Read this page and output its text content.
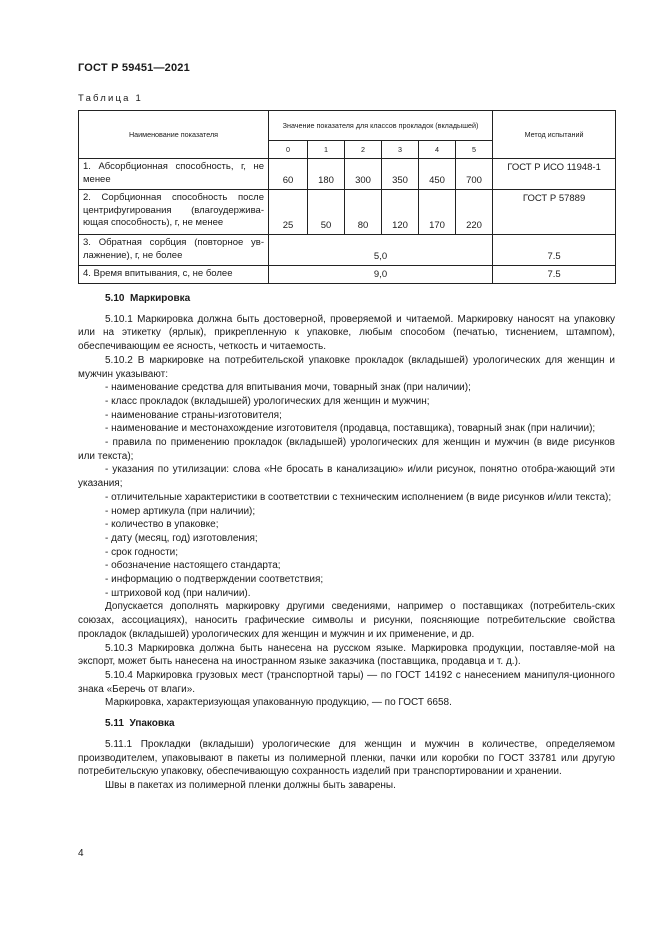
ГОСТ Р 59451—2021
Таблица 1
Наименование показателя	Значение показателя для классов прокладок (вкладышей)						Метод испытаний
	0	1	2	3	4	5	
1. Абсорбционная способность, г, не менее	60	180	300	350	450	700	ГОСТ Р ИСО 11948-1
2. Сорбционная способность после центрифугирования (влагоудержива-ющая способность), г, не менее	25	50	80	120	170	220	ГОСТ Р 57889
3. Обратная сорбция (повторное ув-лажнение), г, не более	5,0						7.5
4. Время впитывания, с, не более	9,0						7.5

5.10 Маркировка

5.10.1 Маркировка должна быть достоверной, проверяемой и читаемой. Маркировку наносят на упаковку или на этикетку (ярлык), прикрепленную к упаковке, любым способом (печатью, тиснением, штампом), обеспечивающим ее ясность, четкость и читаемость.

5.10.2 В маркировке на потребительской упаковке прокладок (вкладышей) урологических для женщин и мужчин указывают:

- наименование средства для впитывания мочи, товарный знак (при наличии);

- класс прокладок (вкладышей) урологических для женщин и мужчин;

- наименование страны-изготовителя;

- наименование и местонахождение изготовителя (продавца, поставщика), товарный знак (при наличии);

- правила по применению прокладок (вкладышей) урологических для женщин и мужчин (в виде рисунков или текста);

- указания по утилизации: слова «Не бросать в канализацию» и/или рисунок, понятно отобра-жающий эти указания;

- отличительные характеристики в соответствии с техническим исполнением (в виде рисунков и/или текста);

- номер артикула (при наличии);

- количество в упаковке;

- дату (месяц, год) изготовления;

- срок годности;

- обозначение настоящего стандарта;

- информацию о подтверждении соответствия;

- штриховой код (при наличии).

Допускается дополнять маркировку другими сведениями, например о поставщиках (потребитель-ских союзах, ассоциациях), наносить графические символы и рисунки, поясняющие потребительские свойства прокладок (вкладышей) урологических для женщин и мужчин и их применение, и др.

5.10.3 Маркировка должна быть нанесена на русском языке. Маркировка продукции, поставляе-мой на экспорт, может быть нанесена на иностранном языке заказчика (поставщика, продавца и т. д.).

5.10.4 Маркировка грузовых мест (транспортной тары) — по ГОСТ 14192 с нанесением манипуля-ционного знака «Беречь от влаги».

Маркировка, характеризующая упакованную продукцию, — по ГОСТ 6658.

5.11 Упаковка

5.11.1 Прокладки (вкладыши) урологические для женщин и мужчин в количестве, определяемом производителем, упаковывают в пакеты из полимерной пленки, пачки или коробки по ГОСТ 33781 или другую потребительскую упаковку, обеспечивающую сохранность изделий при транспортировании и хранении.

Швы в пакетах из полимерной пленки должны быть заварены.

4
